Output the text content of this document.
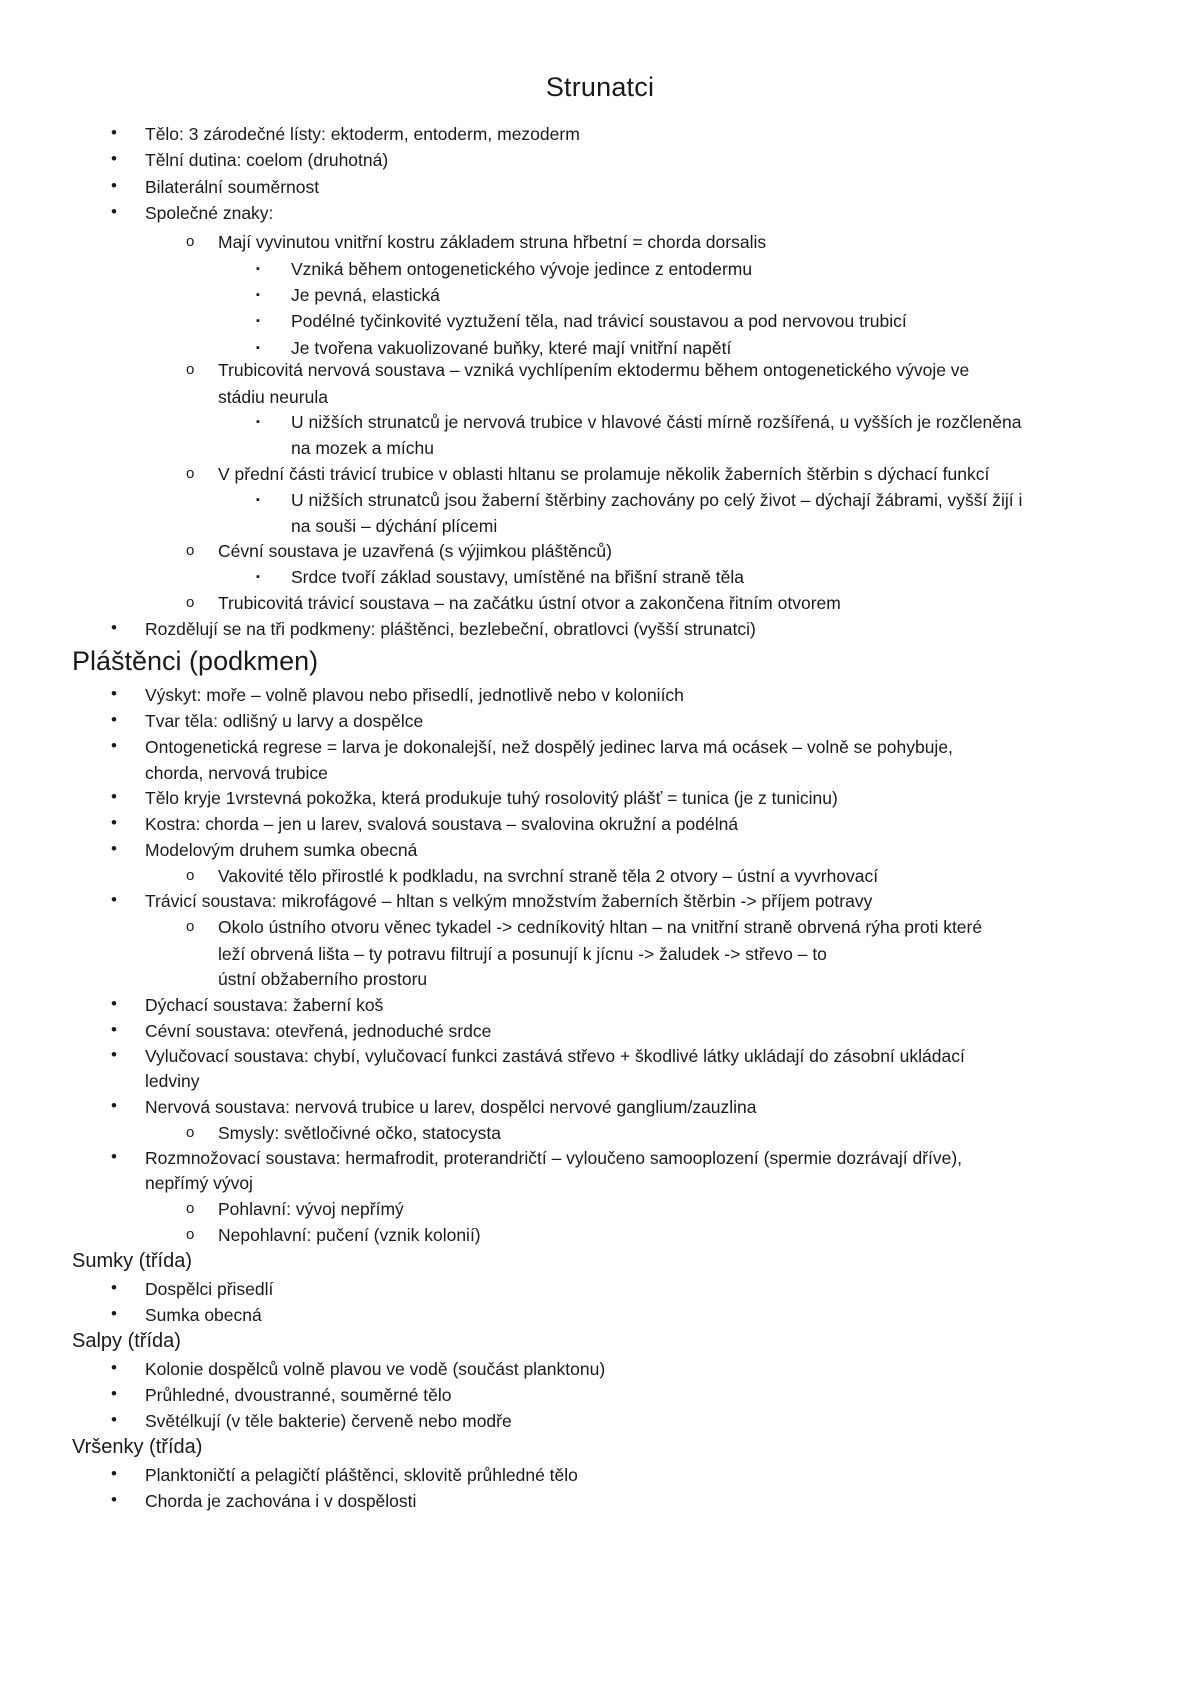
Strunatci
• Tělo: 3 zárodečné lísty: ektoderm, entoderm, mezoderm
• Tělní dutina: coelom (druhotná)
• Bilaterální souměrnost
• Společné znaky:
o Mají vyvinutou vnitřní kostru základem struna hřbetní = chorda dorsalis
▪ Vzniká během ontogenetického vývoje jedince z entodermu
▪ Je pevná, elastická
▪ Podélné tyčinkovité vyztužení těla, nad trávicí soustavou a pod nervovou trubicí
▪ Je tvořena vakuolizované buňky, které mají vnitřní napětí
o Trubicovitá nervová soustava – vzniká vychlípením ektodermu během ontogenetického vývoje ve
stádiu neurula
▪ U nižších strunatců je nervová trubice v hlavové části mírně rozšířená, u vyšších je rozčleněna
na mozek a míchu
o V přední části trávicí trubice v oblasti hltanu se prolamuje několik žaberních štěrbin s dýchací funkcí
▪ U nižších strunatců jsou žaberní štěrbiny zachovány po celý život – dýchají žábrami, vyšší žijí i
na souši – dýchání plícemi
o Cévní soustava je uzavřená (s výjimkou pláštěnců)
▪ Srdce tvoří základ soustavy, umístěné na břišní straně těla
o Trubicovitá trávicí soustava – na začátku ústní otvor a zakončena řitním otvorem
• Rozdělují se na tři podkmeny: pláštěnci, bezlebeční, obratlovci (vyšší strunatci)
Pláštěnci (podkmen)
• Výskyt: moře – volně plavou nebo přisedlí, jednotlivě nebo v koloniích
• Tvar těla: odlišný u larvy a dospělce
• Ontogenetická regrese = larva je dokonalejší, než dospělý jedinec larva má ocásek – volně se pohybuje,
chorda, nervová trubice
• Tělo kryje 1vrstevná pokožka, která produkuje tuhý rosolovitý plášť = tunica (je z tunicinu)
• Kostra: chorda – jen u larev, svalová soustava – svalovina okružní a podélná
• Modelovým druhem sumka obecná
o Vakovité tělo přirostlé k podkladu, na svrchní straně těla 2 otvory – ústní a vyvrhovací
• Trávicí soustava: mikrofágové – hltan s velkým množstvím žaberních štěrbin -> příjem potravy
o Okolo ústního otvoru věnec tykadel -> cedníkovitý hltan – na vnitřní straně obrvená rýha proti které
leží obrvená lišta – ty potravu filtrují a posunují k jícnu -> žaludek -> střevo – to
ústní obžaberního prostoru
• Dýchací soustava: žaberní koš
• Cévní soustava: otevřená, jednoduché srdce
• Vylučovací soustava: chybí, vylučovací funkci zastává střevo + škodlivé látky ukládají do zásobní ukládací
ledviny
• Nervová soustava: nervová trubice u larev, dospělci nervové ganglium/zauzlina
o Smysly: světločivné očko, statocysta
• Rozmnožovací soustava: hermafrodit, proterandričtí – vyloučeno samooplození (spermie dozrávají dříve),
nepřímý vývoj
o Pohlavní: vývoj nepřímý
o Nepohlavní: pučení (vznik kolonií)
Sumky (třída)
• Dospělci přisedlí
• Sumka obecná
Salpy (třída)
• Kolonie dospělců volně plavou ve vodě (součást planktonu)
• Průhledné, dvoustranné, souměrné tělo
• Světélkují (v těle bakterie) červeně nebo modře
Vršenky (třída)
• Planktoničtí a pelagičtí pláštěnci, sklovitě průhledné tělo
• Chorda je zachována i v dospělosti
